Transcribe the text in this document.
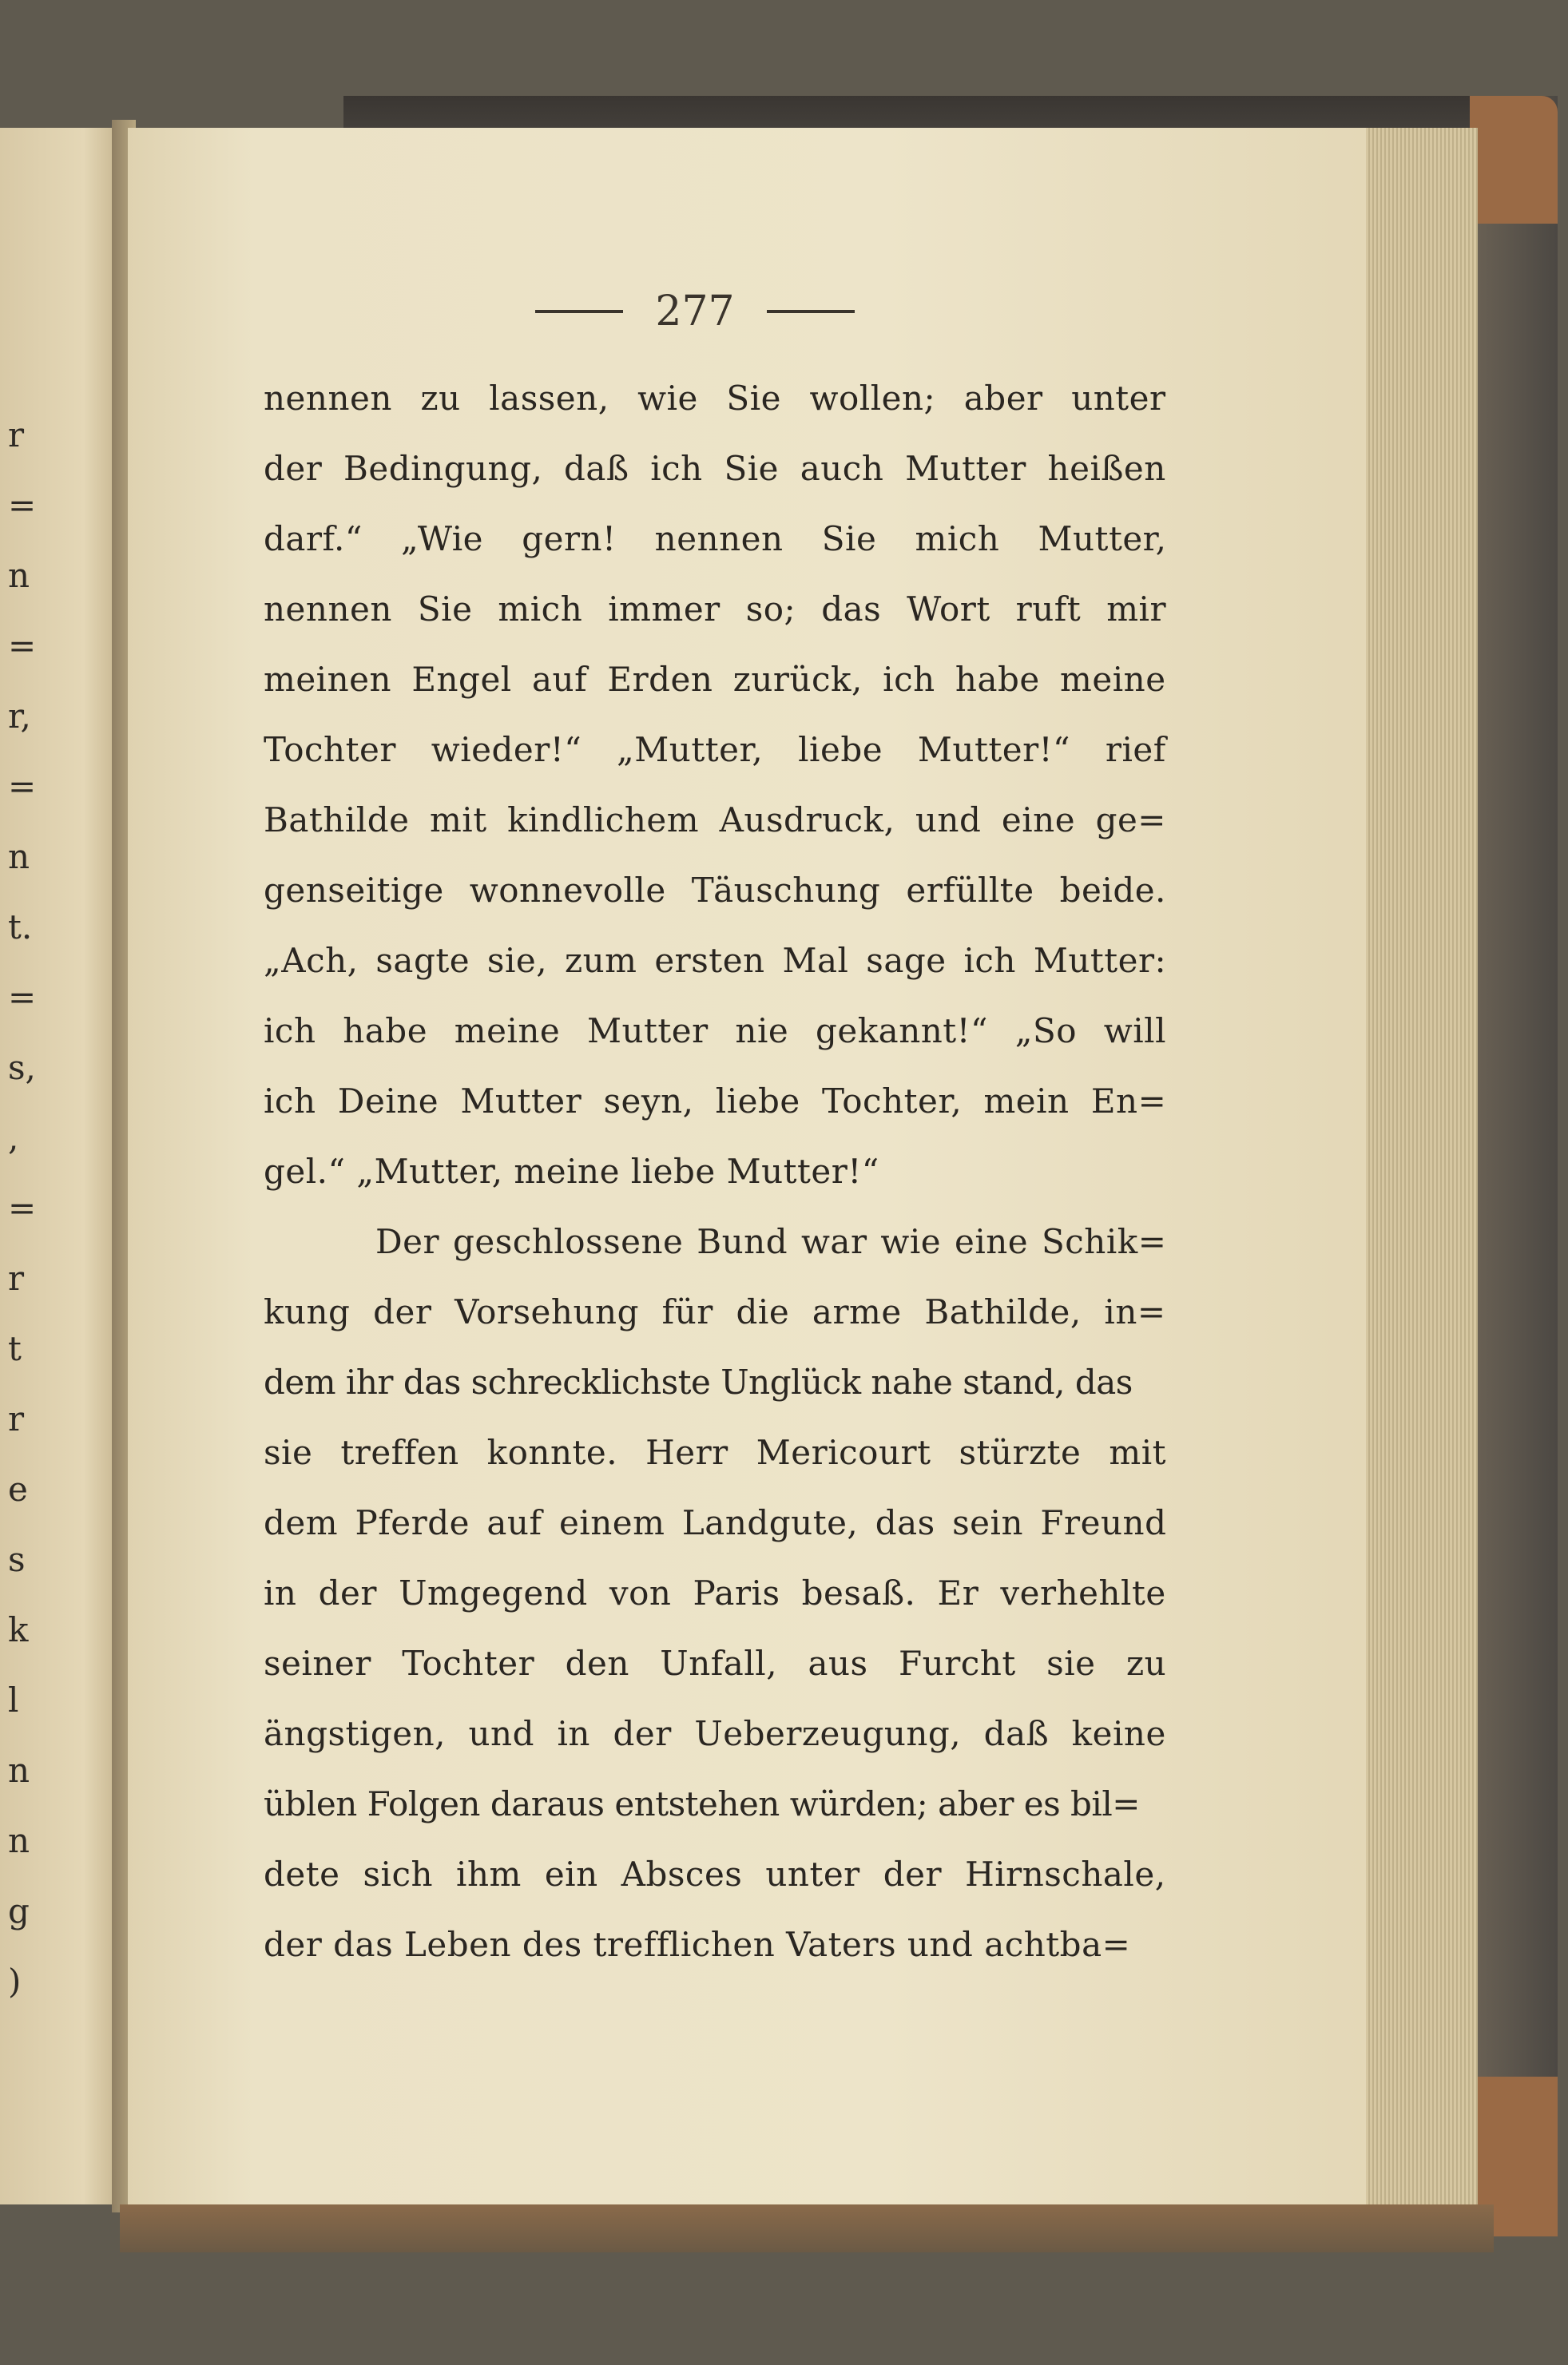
r
=
n
=
r,
=
n
t.
=
s,
,
=
r
t
r
e
s
k
l
n
n
g
)
277
nennen zu lassen, wie Sie wollen; aber unter
der Bedingung, daß ich Sie auch Mutter heißen
darf.“ „Wie gern! nennen Sie mich Mutter,
nennen Sie mich immer so; das Wort ruft mir
meinen Engel auf Erden zurück, ich habe meine
Tochter wieder!“ „Mutter, liebe Mutter!“ rief
Bathilde mit kindlichem Ausdruck, und eine ge=
genseitige wonnevolle Täuschung erfüllte beide.
„Ach, sagte sie, zum ersten Mal sage ich Mutter:
ich habe meine Mutter nie gekannt!“ „So will
ich Deine Mutter seyn, liebe Tochter, mein En=
gel.“ „Mutter, meine liebe Mutter!“
Der geschlossene Bund war wie eine Schik=
kung der Vorsehung für die arme Bathilde, in=
dem ihr das schrecklichste Unglück nahe stand, das
sie treffen konnte. Herr Mericourt stürzte mit
dem Pferde auf einem Landgute, das sein Freund
in der Umgegend von Paris besaß. Er verhehlte
seiner Tochter den Unfall, aus Furcht sie zu
ängstigen, und in der Ueberzeugung, daß keine
üblen Folgen daraus entstehen würden; aber es bil=
dete sich ihm ein Absces unter der Hirnschale,
der das Leben des trefflichen Vaters und achtba=
